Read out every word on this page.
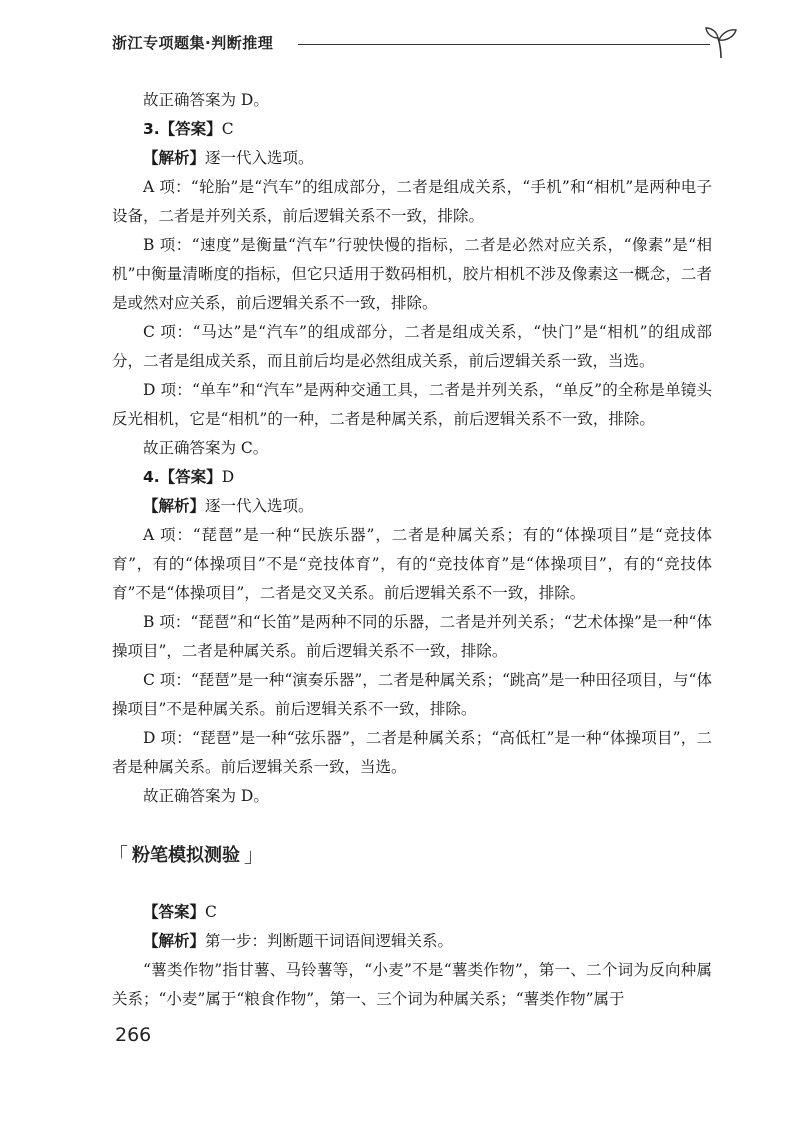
浙江专项题集·判断推理

故正确答案为 D。

3.【答案】C

【解析】逐一代入选项。

A 项：“轮胎”是“汽车”的组成部分，二者是组成关系，“手机”和“相机”是两种电子设备，二者是并列关系，前后逻辑关系不一致，排除。

B 项：“速度”是衡量“汽车”行驶快慢的指标，二者是必然对应关系，“像素”是“相机”中衡量清晰度的指标，但它只适用于数码相机，胶片相机不涉及像素这一概念，二者是或然对应关系，前后逻辑关系不一致，排除。

C 项：“马达”是“汽车”的组成部分，二者是组成关系，“快门”是“相机”的组成部分，二者是组成关系，而且前后均是必然组成关系，前后逻辑关系一致，当选。

D 项：“单车”和“汽车”是两种交通工具，二者是并列关系，“单反”的全称是单镜头反光相机，它是“相机”的一种，二者是种属关系，前后逻辑关系不一致，排除。

故正确答案为 C。

4.【答案】D

【解析】逐一代入选项。

A 项：“琵琶”是一种“民族乐器”，二者是种属关系；有的“体操项目”是“竞技体育”，有的“体操项目”不是“竞技体育”，有的“竞技体育”是“体操项目”，有的“竞技体育”不是“体操项目”，二者是交叉关系。前后逻辑关系不一致，排除。

B 项：“琵琶”和“长笛”是两种不同的乐器，二者是并列关系；“艺术体操”是一种“体操项目”，二者是种属关系。前后逻辑关系不一致，排除。

C 项：“琵琶”是一种“演奏乐器”，二者是种属关系；“跳高”是一种田径项目，与“体操项目”不是种属关系。前后逻辑关系不一致，排除。

D 项：“琵琶”是一种“弦乐器”，二者是种属关系；“高低杠”是一种“体操项目”，二者是种属关系。前后逻辑关系一致，当选。

故正确答案为 D。

「 粉笔模拟测验 」

【答案】C

【解析】第一步：判断题干词语间逻辑关系。

“薯类作物”指甘薯、马铃薯等，“小麦”不是“薯类作物”，第一、二个词为反向种属关系；“小麦”属于“粮食作物”，第一、三个词为种属关系；“薯类作物”属于

266
